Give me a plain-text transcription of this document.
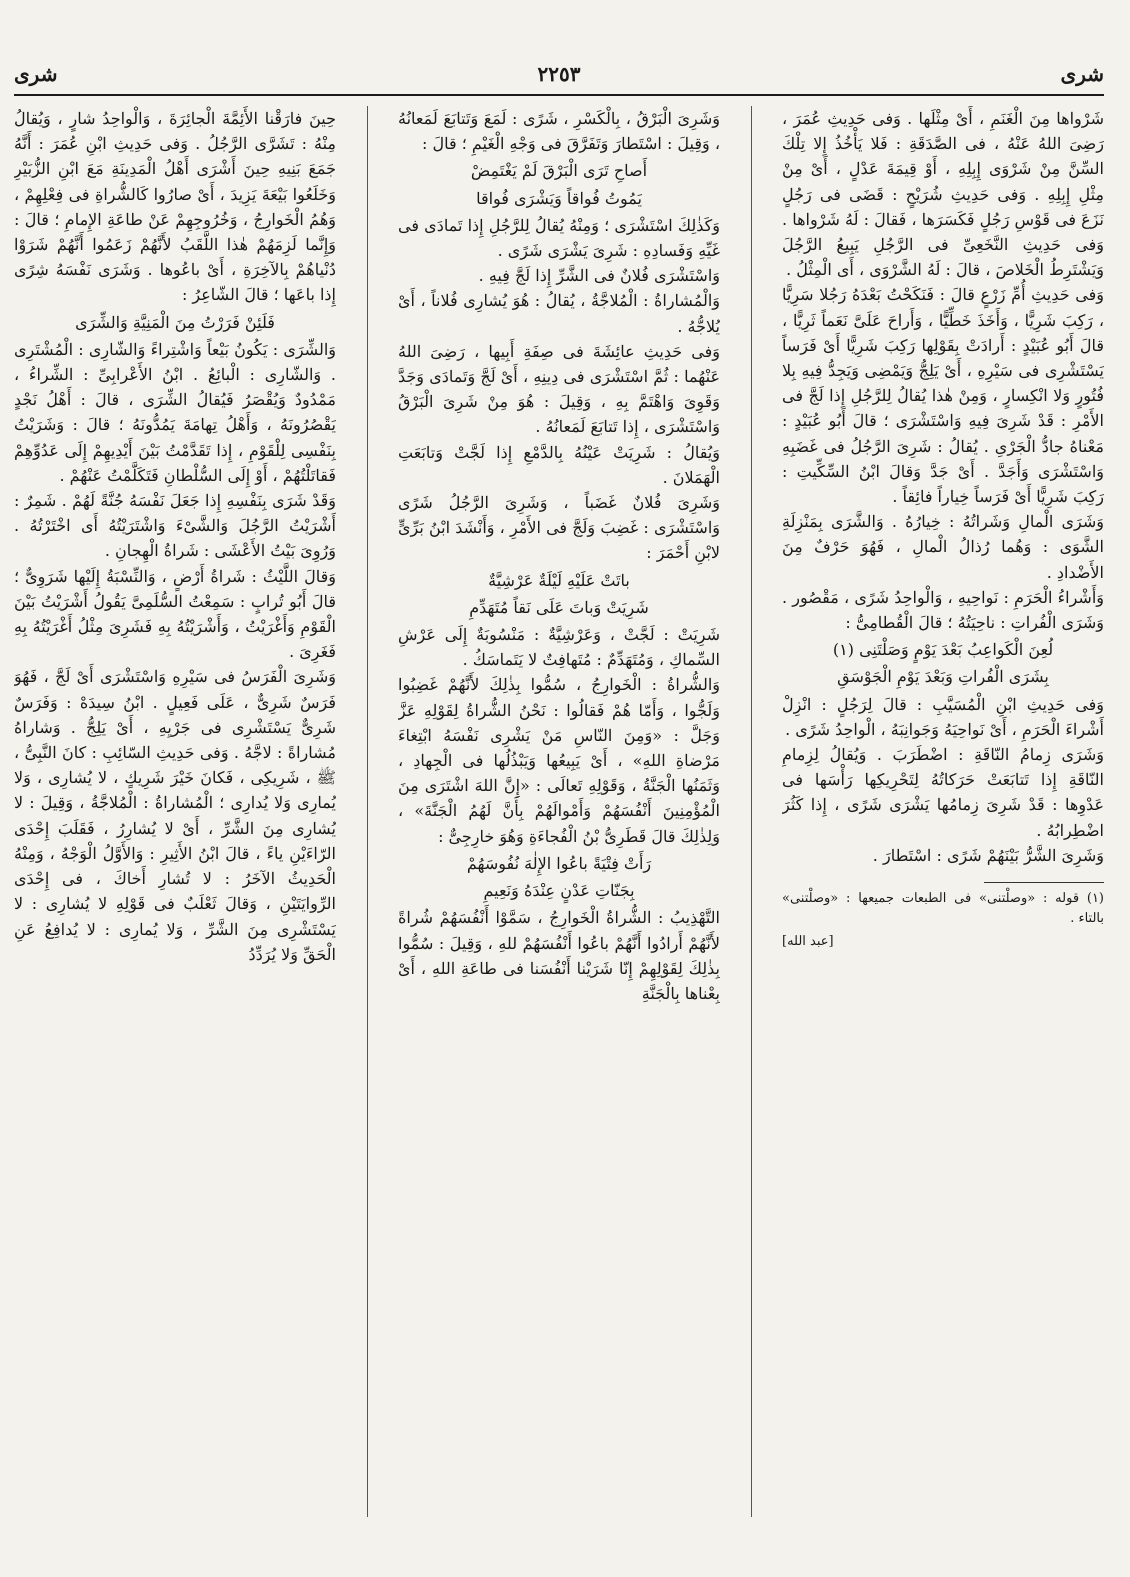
شرى
٢٢٥٣
شرى

شَرْواها مِنَ الْغَنَمِ ، أَىْ مِثْلَها . وَفى حَدِيثِ عُمَرَ ، رَضِىَ اللهُ عَنْهُ ، فى الصَّدَقَةِ : فَلا يَأْخُذُ إِلا تِلْكَ السِّنَّ مِنْ شَرْوَى إِبِلِهِ ، أَوْ قِيمَةَ عَدْلٍ ، أَىْ مِنْ مِثْلِ إِبِلِهِ . وَفى حَدِيثِ شُرَيْحٍ : قَضَى فى رَجُلٍ نَزَعَ فى قَوْسِ رَجُلٍ فَكَسَرَها ، فَقالَ : لَهُ شَرْواها . وَفى حَدِيثِ النَّخَعِىِّ فى الرَّجُلِ يَبِيعُ الرَّجُلَ وَيَشْتَرِطُ الْخَلاصَ ، قالَ : لَهُ الشَّرْوَى ، أَى الْمِثْلُ .

وَفى حَدِيثِ أُمِّ زَرْعٍ قالَ : فَنَكَحْتُ بَعْدَهُ رَجُلا سَرِيًّا ، رَكِبَ شَرِيًّا ، وَأَخَذَ خَطِّيًّا ، وَأَراحَ عَلَىَّ نَعَماً ثَرِيًّا ، قالَ أَبُو عُبَيْدٍ : أَرادَتْ بِقَوْلِها رَكِبَ شَرِيًّا أَىْ فَرَساً يَسْتَشْرِى فى سَيْرِهِ ، أَىْ يَلِجُّ وَيَمْضِى وَيَجِدُّ فِيهِ بِلا فُتُورٍ وَلا انْكِسارٍ ، وَمِنْ هٰذا يُقالُ لِلرَّجُلِ إِذا لَجَّ فى الأَمْرِ : قَدْ شَرِىَ فِيهِ وَاسْتَشْرَى ؛ قالَ أَبُو عُبَيْدٍ : مَعْناهُ جادُّ الْجَرْىِ . يُقالُ : شَرِىَ الرَّجُلُ فى غَضَبِهِ وَاسْتَشْرَى وَأَجَدَّ . أَىْ جَدَّ وَقالَ ابْنُ السِّكِّيتِ : رَكِبَ شَرِيًّا أَىْ فَرَساً خِياراً فائِقاً .

وَشَرَى الْمالِ وَشَراتُهُ : خِيارُهُ . وَالشَّرَى بِمَنْزِلَةِ الشَّوَى : وَهُما رُذالُ الْمالِ ، فَهُوَ حَرْفٌ مِنَ الأَضْدادِ .

وَأَشْراءُ الْحَرَمِ : نَواحِيهِ ، وَالْواحِدُ شَرًى ، مَقْصُور . وَشَرَى الْفُراتِ : ناحِيَتُهُ ؛ قالَ الْقُطامِىُّ :

لُعِنَ الْكَواعِبُ بَعْدَ يَوْمٍ وَصَلْتَنِى (١)

بِشَرَى الْفُراتِ وَبَعْدَ يَوْمِ الْجَوْسَقِ

وَفى حَدِيثِ ابْنِ الْمُسَيَّبِ : قالَ لِرَجُلٍ : انْزِلْ أَشْراءَ الْحَرَمِ ، أَىْ نَواحِيَهُ وَجَوانِبَهُ ، الْواحِدُ شَرًى .

وَشَرَى زِمامُ النّاقَةِ : اضْطَرَبَ . وَيُقالُ لِزِمامِ النّاقَةِ إِذا تَتابَعَتْ حَرَكاتُهُ لِتَحْرِيكِها رَأْسَها فى عَدْوِها : قَدْ شَرِىَ زِمامُها يَشْرَى شَرًى ، إِذا كَثُرَ اضْطِرابُهُ .

وَشَرِىَ الشَّرُّ بَيْنَهُمْ شَرًى : اسْتَطارَ .

(١) قوله : «وصلْتنى» فى الطبعات جميعها : «وصلْتنى» بالتاء .

[عبد الله]

وَشَرِىَ الْبَرْقُ ، بِالْكَسْرِ ، شَرًى : لَمَعَ وَتَتابَعَ لَمَعانُهُ ، وَقِيلَ : اسْتَطارَ وَتَفَرَّقَ فى وَجْهِ الْغَيْمِ ؛ قالَ :

أَصاحِ تَرَى الْبَرْقَ لَمْ يَغْتَمِضْ

يَمُوتُ فُواقاً وَيَشْرَى فُواقا

وَكَذٰلِكَ اسْتَشْرَى ؛ وَمِنْهُ يُقالُ لِلرَّجُلِ إِذا تَمادَى فى غَيِّهِ وَفَسادِهِ : شَرِىَ يَشْرَى شَرًى .

وَاسْتَشْرَى فُلانٌ فى الشَّرِّ إِذا لَجَّ فِيهِ .

وَالْمُشاراةُ : الْمُلاجَّةُ ، يُقالُ : هُوَ يُشارِى فُلاناً ، أَىْ يُلاجُّهُ .

وَفى حَدِيثِ عائِشَةَ فى صِفَةِ أَبِيها ، رَضِىَ اللهُ عَنْهُما : ثُمَّ اسْتَشْرَى فى دِينِهِ ، أَىْ لَجَّ وَتَمادَى وَجَدَّ وَقَوِىَ وَاهْتَمَّ بِهِ ، وَقِيلَ : هُوَ مِنْ شَرِىَ الْبَرْقُ وَاسْتَشْرَى ، إِذا تَتابَعَ لَمَعانُهُ .

وَيُقالُ : شَرِيَتْ عَيْنُهُ بِالدَّمْعِ إِذا لَجَّتْ وَتابَعَتِ الْهَمَلانَ .

وَشَرِىَ فُلانٌ غَضَباً ، وَشَرِىَ الرَّجُلُ شَرًى وَاسْتَشْرَى : غَضِبَ وَلَجَّ فى الأَمْرِ ، وَأَنْشَدَ ابْنُ بَرِّىٍّ لابْنِ أَحْمَرَ :

باتَتْ عَلَيْهِ لَيْلَةٌ عَرْشِيَّةٌ

شَرِيَتْ وَباتَ عَلَى نَقاً مُتَهَدِّمِ

شَرِيَتْ : لَجَّتْ ، وَعَرْشِيَّةٌ : مَنْسُوبَةٌ إِلَى عَرْشِ السِّماكِ ، وَمُتَهَدِّمٌ : مُتَهافِتٌ لا يَتَماسَكُ .

وَالشُّراةُ : الْخَوارِجُ ، سُمُّوا بِذٰلِكَ لأَنَّهُمْ غَضِبُوا وَلَجُّوا ، وَأَمّا هُمْ فَقالُوا : نَحْنُ الشُّراةُ لِقَوْلِهِ عَزَّ وَجَلَّ : «وَمِنَ النّاسِ مَنْ يَشْرِى نَفْسَهُ ابْتِغاءَ مَرْضاةِ اللهِ» ، أَىْ يَبِيعُها وَيَبْذُلُها فى الْجِهادِ ، وَثَمَنُها الْجَنَّةُ ، وَقَوْلِهِ تَعالَى : «إِنَّ اللهَ اشْتَرَى مِنَ الْمُؤْمِنِينَ أَنْفُسَهُمْ وَأَمْوالَهُمْ بِأَنَّ لَهُمُ الْجَنَّةَ» ، وَلِذٰلِكَ قالَ قَطَرِىُّ بْنُ الْفُجاءَةِ وَهُوَ خارِجِىٌّ :

رَأَتْ فِتْيَةً باعُوا الإِلٰهَ نُفُوسَهُمْ

بِجَنّاتِ عَدْنٍ عِنْدَهُ وَنَعِيمِ

التَّهْذِيبُ : الشُّراةُ الْخَوارِجُ ، سَمَّوْا أَنْفُسَهُمْ شُراةً لأَنَّهُمْ أَرادُوا أَنَّهُمْ باعُوا أَنْفُسَهُمْ للهِ ، وَقِيلَ : سُمُّوا بِذٰلِكَ لِقَوْلِهِمْ إِنّا شَرَيْنا أَنْفُسَنا فى طاعَةِ اللهِ ، أَىْ بِعْناها بِالْجَنَّةِ

حِينَ فارَقْنا الأَئِمَّةَ الْجائِرَةَ ، وَالْواحِدُ شارٍ ، وَيُقالُ مِنْهُ : تَشَرَّى الرَّجُلُ . وَفى حَدِيثِ ابْنِ عُمَرَ : أَنَّهُ جَمَعَ بَنِيهِ حِينَ أَشْرَى أَهْلُ الْمَدِينَةِ مَعَ ابْنِ الزُّبَيْرِ وَخَلَعُوا بَيْعَةَ يَزِيدَ ، أَىْ صارُوا كَالشُّراةِ فى فِعْلِهِمْ ، وَهُمُ الْخَوارِجُ ، وَخُرُوجِهِمْ عَنْ طاعَةِ الإِمامِ ؛ قالَ : وَإِنَّما لَزِمَهُمْ هٰذا اللَّقَبُ لأَنَّهُمْ زَعَمُوا أَنَّهُمْ شَرَوْا دُنْياهُمْ بِالآخِرَةِ ، أَىْ باعُوها . وَشَرَى نَفْسَهُ شِرًى إِذا باعَها ؛ قالَ الشّاعِرُ :

فَلَئِنْ فَرَرْتُ مِنَ الْمَنِيَّةِ وَالشِّرَى

وَالشِّرَى : يَكُونُ بَيْعاً وَاشْتِراءً وَالشّارِى : الْمُشْتَرِى . وَالشّارِى : الْبائِعُ . ابْنُ الأَعْرابِىِّ : الشِّراءُ ، مَمْدُودٌ وَيُقْصَرُ فَيُقالُ الشِّرَى ، قالَ : أَهْلُ نَجْدٍ يَقْصُرُونَهُ ، وَأَهْلُ تِهامَةَ يَمُدُّونَهُ ؛ قالَ : وَشَرَيْتُ بِنَفْسِى لِلْقَوْمِ ، إِذا تَقَدَّمْتُ بَيْنَ أَيْدِيهِمْ إِلَى عَدُوِّهِمْ فَقاتَلْتُهُمْ ، أَوْ إِلَى السُّلْطانِ فَتَكَلَّمْتُ عَنْهُمْ .

وَقَدْ شَرَى بِنَفْسِهِ إِذا جَعَلَ نَفْسَهُ جُنَّةً لَهُمْ . شَمِرٌ : أَشْرَيْتُ الرَّجُلَ وَالشَّىْءَ وَاشْتَرَيْتُهُ أَى اخْتَرْتُهُ . وَرُوِىَ بَيْتُ الأَعْشَى : شَراةُ الْهِجانِ .

وَقالَ اللَّيْثُ : شَراةُ أَرْضٍ ، وَالنِّسْبَةُ إِلَيْها شَرَوِىٌّ ؛ قالَ أَبُو تُرابٍ : سَمِعْتُ السُّلَمِىَّ يَقُولُ أَشْرَيْتُ بَيْنَ الْقَوْمِ وَأَغْرَيْتُ ، وَأَشْرَيْتُهُ بِهِ فَشَرِىَ مِثْلُ أَغْرَيْتُهُ بِهِ فَغَرِىَ .

وَشَرِىَ الْفَرَسُ فى سَيْرِهِ وَاسْتَشْرَى أَىْ لَجَّ ، فَهُوَ فَرَسٌ شَرِىٌّ ، عَلَى فَعِيلٍ . ابْنُ سِيدَهْ : وَفَرَسٌ شَرِىٌّ يَسْتَشْرِى فى جَرْيِهِ ، أَىْ يَلِجُّ . وَشاراهُ مُشاراةً : لاجَّهُ . وَفى حَدِيثِ السّائِبِ : كانَ النَّبِىُّ ، ﷺ ، شَرِيكِى ، فَكانَ خَيْرَ شَرِيكٍ ، لا يُشارِى ، وَلا يُمارِى وَلا يُدارِى ؛ الْمُشاراةُ : الْمُلاجَّةُ ، وَقِيلَ : لا يُشارِى مِنَ الشَّرِّ ، أَىْ لا يُشارِرُ ، فَقَلَبَ إِحْدَى الرّاءَيْنِ ياءً ، قالَ ابْنُ الأَثِيرِ : وَالأَوَّلُ الْوَجْهُ ، وَمِنْهُ الْحَدِيثُ الآخَرُ : لا تُشارِ أَخاكَ ، فى إِحْدَى الرِّوايَتَيْنِ ، وَقالَ ثَعْلَبٌ فى قَوْلِهِ لا يُشارِى : لا يَسْتَشْرِى مِنَ الشَّرِّ ، وَلا يُمارِى : لا يُدافِعُ عَنِ الْحَقِّ وَلا يُرَدِّدُ
